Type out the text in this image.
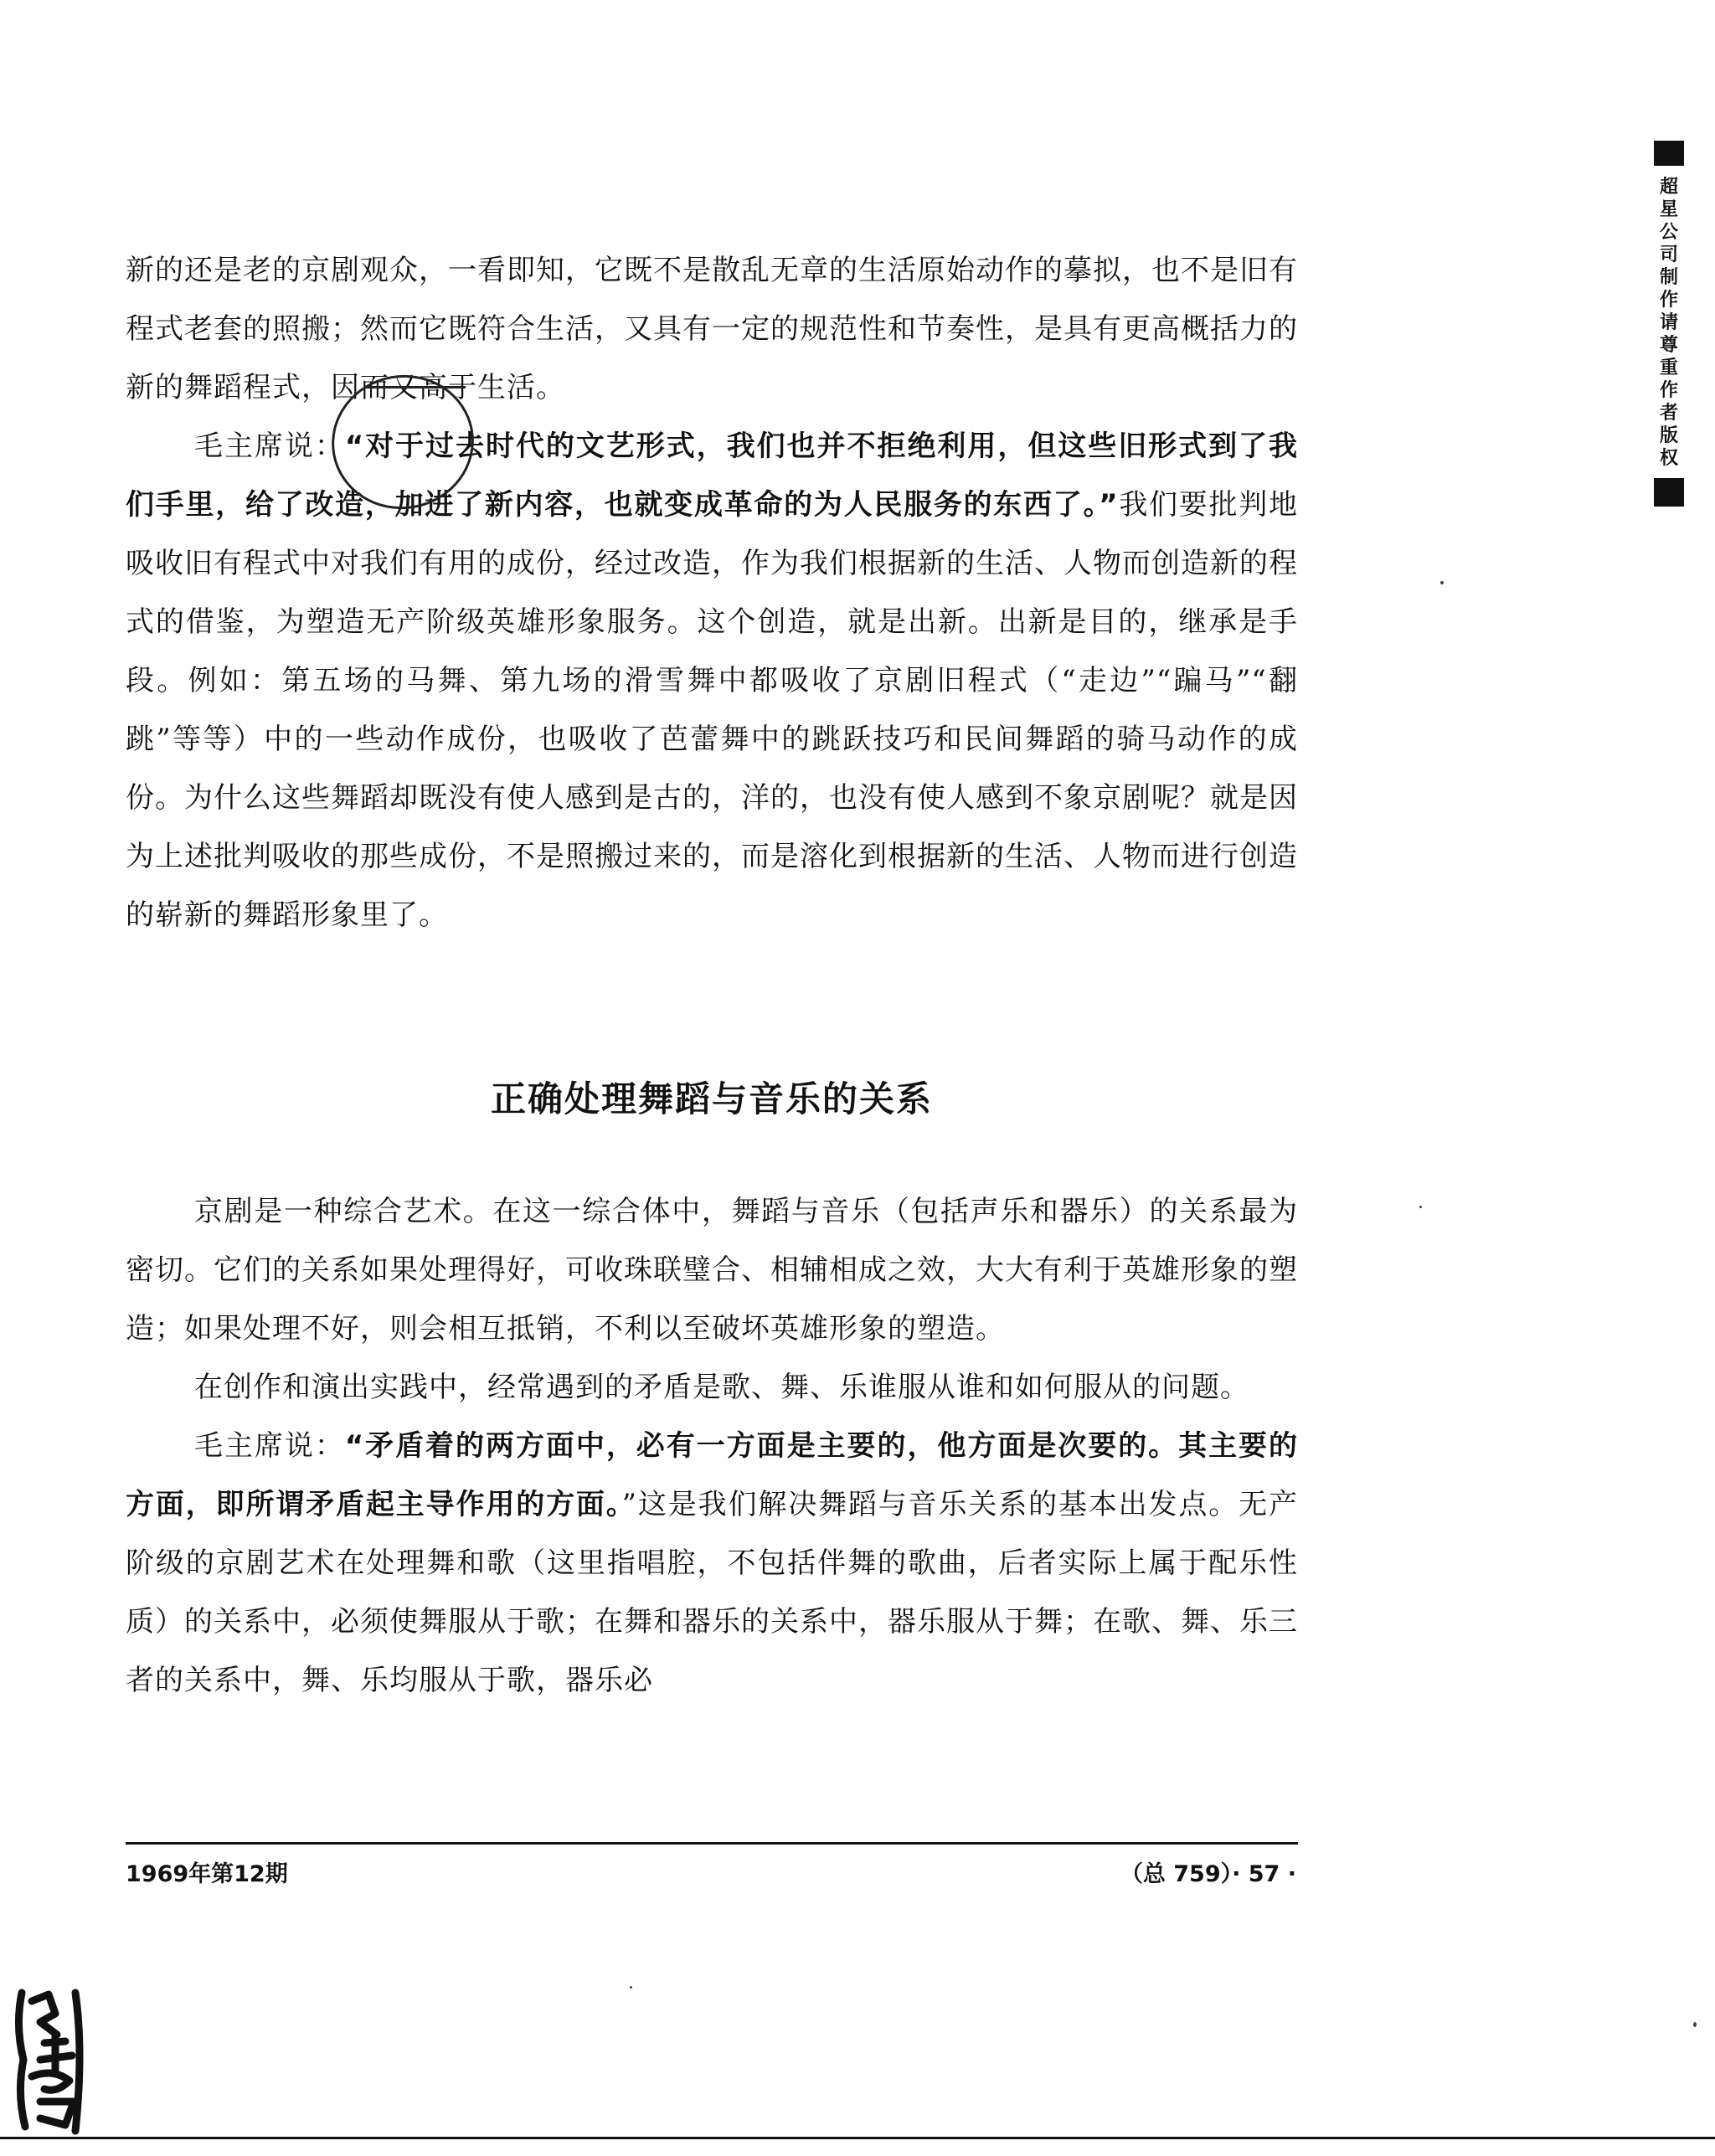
超
星
公
司
制
作
请
尊
重
作
者
版
权

新的还是老的京剧观众，一看即知，它既不是散乱无章的生活原始动作的摹拟，也不是旧有程式老套的照搬；然而它既符合生活，又具有一定的规范性和节奏性，是具有更高概括力的新的舞蹈程式，因而又高于生活。

毛主席说：“对于过去时代的文艺形式，我们也并不拒绝利用，但这些旧形式到了我们手里，给了改造，加进了新内容，也就变成革命的为人民服务的东西了。”我们要批判地吸收旧有程式中对我们有用的成份，经过改造，作为我们根据新的生活、人物而创造新的程式的借鉴，为塑造无产阶级英雄形象服务。这个创造，就是出新。出新是目的，继承是手段。例如：第五场的马舞、第九场的滑雪舞中都吸收了京剧旧程式（“走边”“蹁马”“翻跳”等等）中的一些动作成份，也吸收了芭蕾舞中的跳跃技巧和民间舞蹈的骑马动作的成份。为什么这些舞蹈却既没有使人感到是古的，洋的，也没有使人感到不象京剧呢？就是因为上述批判吸收的那些成份，不是照搬过来的，而是溶化到根据新的生活、人物而进行创造的崭新的舞蹈形象里了。

正确处理舞蹈与音乐的关系

京剧是一种综合艺术。在这一综合体中，舞蹈与音乐（包括声乐和器乐）的关系最为密切。它们的关系如果处理得好，可收珠联璧合、相辅相成之效，大大有利于英雄形象的塑造；如果处理不好，则会相互抵销，不利以至破坏英雄形象的塑造。

在创作和演出实践中，经常遇到的矛盾是歌、舞、乐谁服从谁和如何服从的问题。

毛主席说：“矛盾着的两方面中，必有一方面是主要的，他方面是次要的。其主要的方面，即所谓矛盾起主导作用的方面。”这是我们解决舞蹈与音乐关系的基本出发点。无产阶级的京剧艺术在处理舞和歌（这里指唱腔，不包括伴舞的歌曲，后者实际上属于配乐性质）的关系中，必须使舞服从于歌；在舞和器乐的关系中，器乐服从于舞；在歌、舞、乐三者的关系中，舞、乐均服从于歌，器乐必

1969年第12期	（总 759）· 57 ·
